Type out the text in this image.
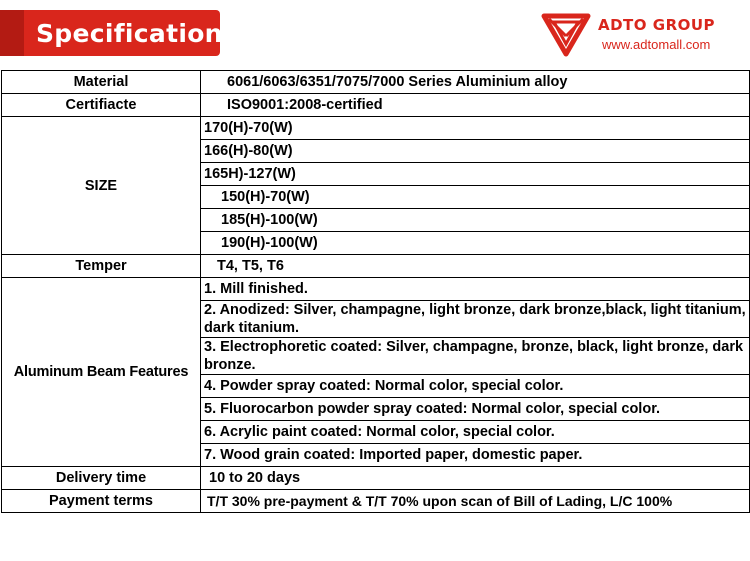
Specifications	ADTO GROUP
www.adtomall.com
Material	6061/6063/6351/7075/7000 Series Aluminium alloy
Certifiacte	ISO9001:2008-certified
SIZE	170(H)-70(W)
	166(H)-80(W)
	165H)-127(W)
	150(H)-70(W)
	185(H)-100(W)
	190(H)-100(W)
Temper	T4, T5, T6
Aluminum Beam Features	1. Mill finished.
	2. Anodized: Silver, champagne, light bronze, dark bronze,black, light titanium, dark titanium.
	3. Electrophoretic coated: Silver, champagne, bronze, black, light bronze, dark bronze.
	4. Powder spray coated: Normal color, special color.
	5. Fluorocarbon powder spray coated: Normal color, special color.
	6. Acrylic paint coated: Normal color, special color.
	7. Wood grain coated: Imported paper, domestic paper.
Delivery time	10 to 20 days
Payment terms	T/T 30% pre-payment & T/T 70% upon scan of Bill of Lading, L/C 100%
